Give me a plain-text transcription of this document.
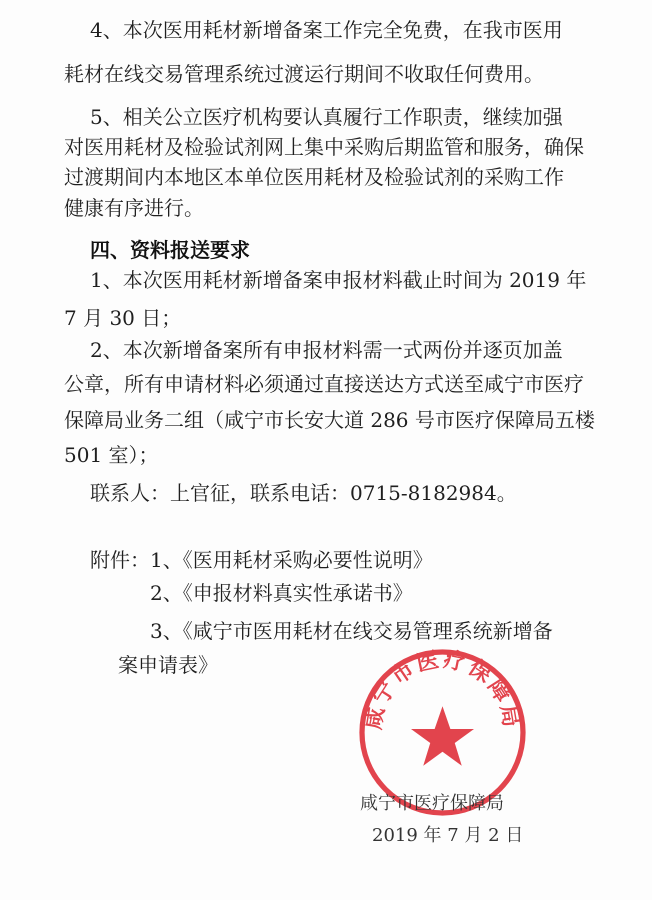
4、本次医用耗材新增备案工作完全免费，在我市医用
耗材在线交易管理系统过渡运行期间不收取任何费用。
5、相关公立医疗机构要认真履行工作职责，继续加强
对医用耗材及检验试剂网上集中采购后期监管和服务，确保
过渡期间内本地区本单位医用耗材及检验试剂的采购工作
健康有序进行。
四、资料报送要求
1、本次医用耗材新增备案申报材料截止时间为 2019 年
7 月 30 日；
2、本次新增备案所有申报材料需一式两份并逐页加盖
公章，所有申请材料必须通过直接送达方式送至咸宁市医疗
保障局业务二组（咸宁市长安大道 286 号市医疗保障局五楼
501 室）；
联系人：上官征，联系电话：0715-8182984。
附件：1、《医用耗材采购必要性说明》
2、《申报材料真实性承诺书》
3、《咸宁市医用耗材在线交易管理系统新增备
案申请表》
咸宁市医疗保障局
咸宁市医疗保障局
2019 年 7 月 2 日
